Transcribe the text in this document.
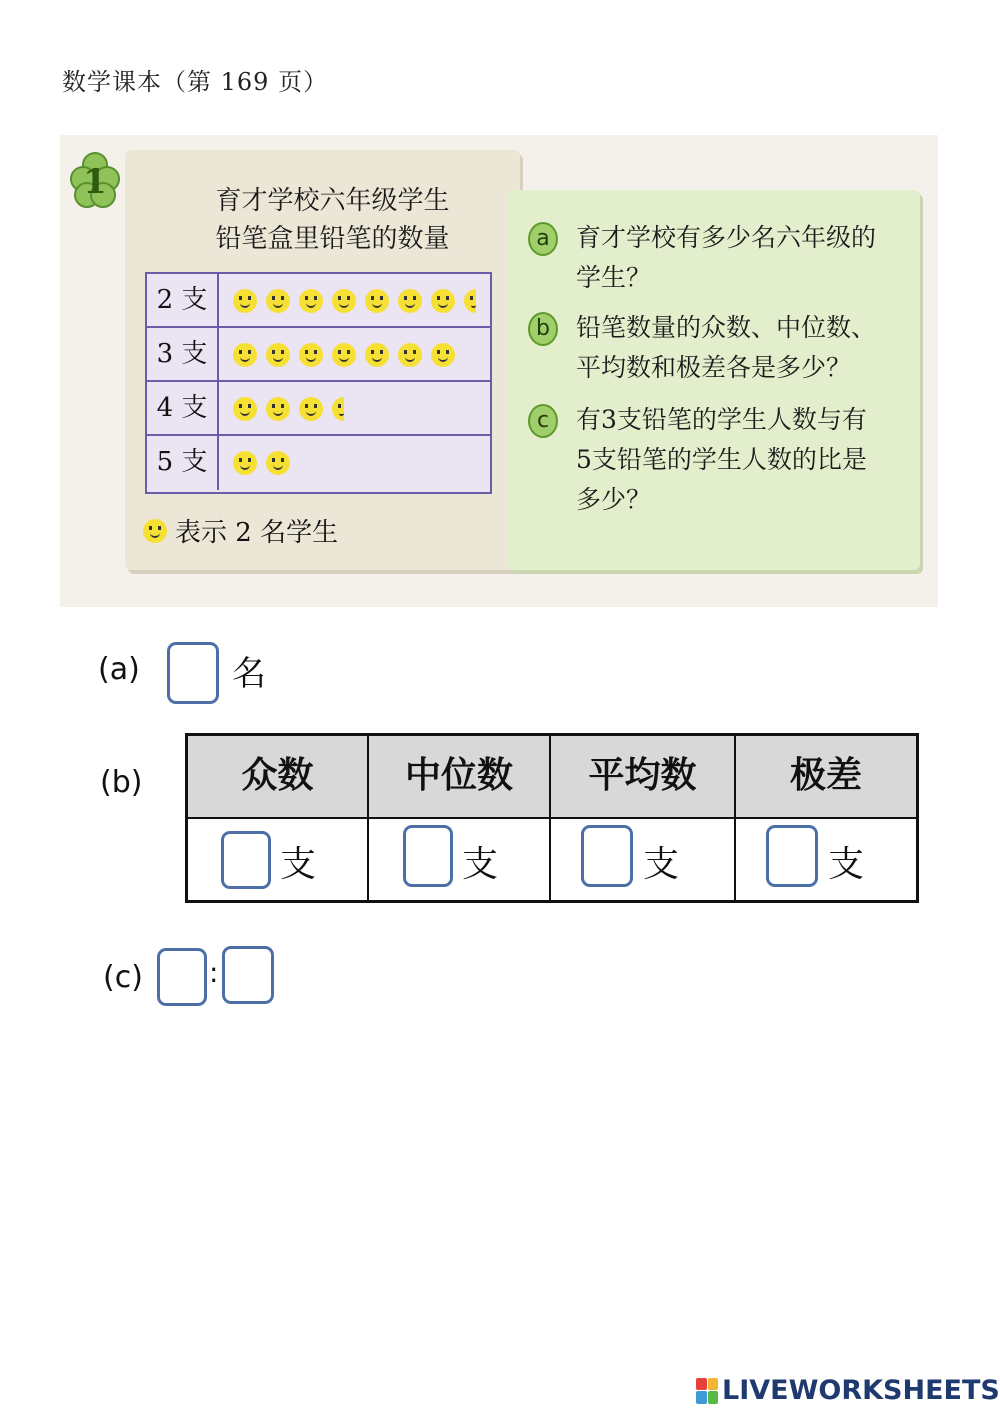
数学课本（第 169 页）
1	育才学校六年级学生
铅笔盒里铅笔的数量
2 支
3 支
4 支
5 支
表示 2 名学生
a	育才学校有多少名六年级的
学生？
b	铅笔数量的众数、中位数、
平均数和极差各是多少？
c	有3支铅笔的学生人数与有
5支铅笔的学生人数的比是
多少？
(a)	名
(b)	众数	中位数	平均数	极差
支	支	支	支
(c) :
LIVEWORKSHEETS
